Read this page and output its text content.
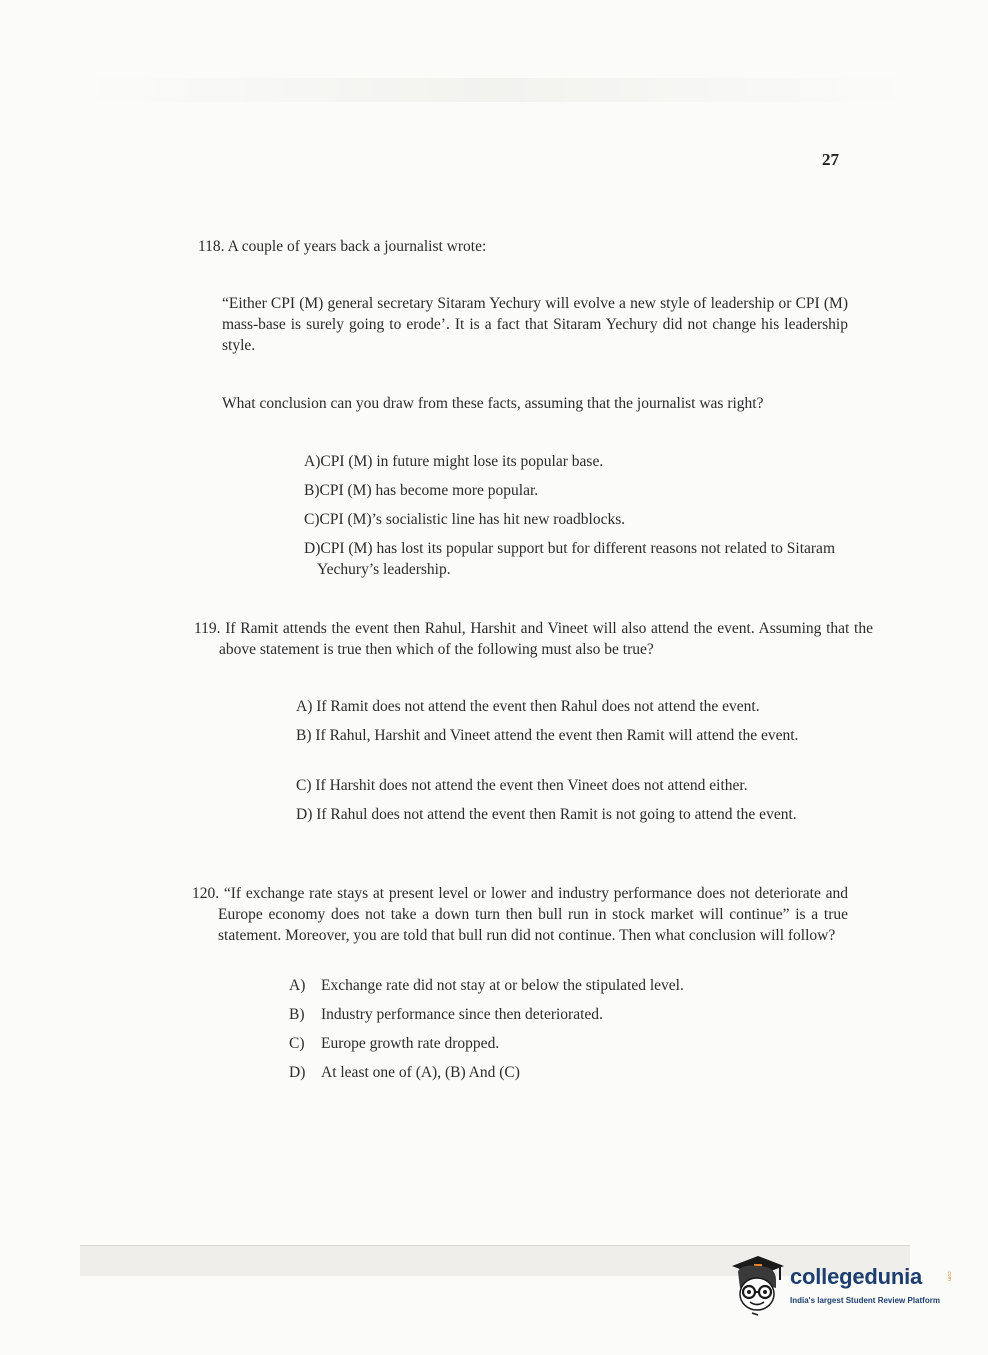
27

118. A couple of years back a journalist wrote:

“Either CPI (M) general secretary Sitaram Yechury will evolve a new style of leadership or CPI (M) mass-base is surely going to erode’. It is a fact that Sitaram Yechury did not change his leadership style.

What conclusion can you draw from these facts, assuming that the journalist was right?

A)CPI (M) in future might lose its popular base.
B)CPI (M) has become more popular.
C)CPI (M)’s socialistic line has hit new roadblocks.
D)CPI (M) has lost its popular support but for different reasons not related to Sitaram Yechury’s leadership.

119. If Ramit attends the event then Rahul, Harshit and Vineet will also attend the event. Assuming that the above statement is true then which of the following must also be true?

A) If Ramit does not attend the event then Rahul does not attend the event.
B) If Rahul, Harshit and Vineet attend the event then Ramit will attend the event.
C) If Harshit does not attend the event then Vineet does not attend either.
D) If Rahul does not attend the event then Ramit is not going to attend the event.

120. “If exchange rate stays at present level or lower and industry performance does not deteriorate and Europe economy does not take a down turn then bull run in stock market will continue” is a true statement. Moreover, you are told that bull run did not continue. Then what conclusion will follow?

A) Exchange rate did not stay at or below the stipulated level.
B) Industry performance since then deteriorated.
C) Europe growth rate dropped.
D) At least one of (A), (B) And (C)
collegedunia	.com
India's largest Student Review Platform
